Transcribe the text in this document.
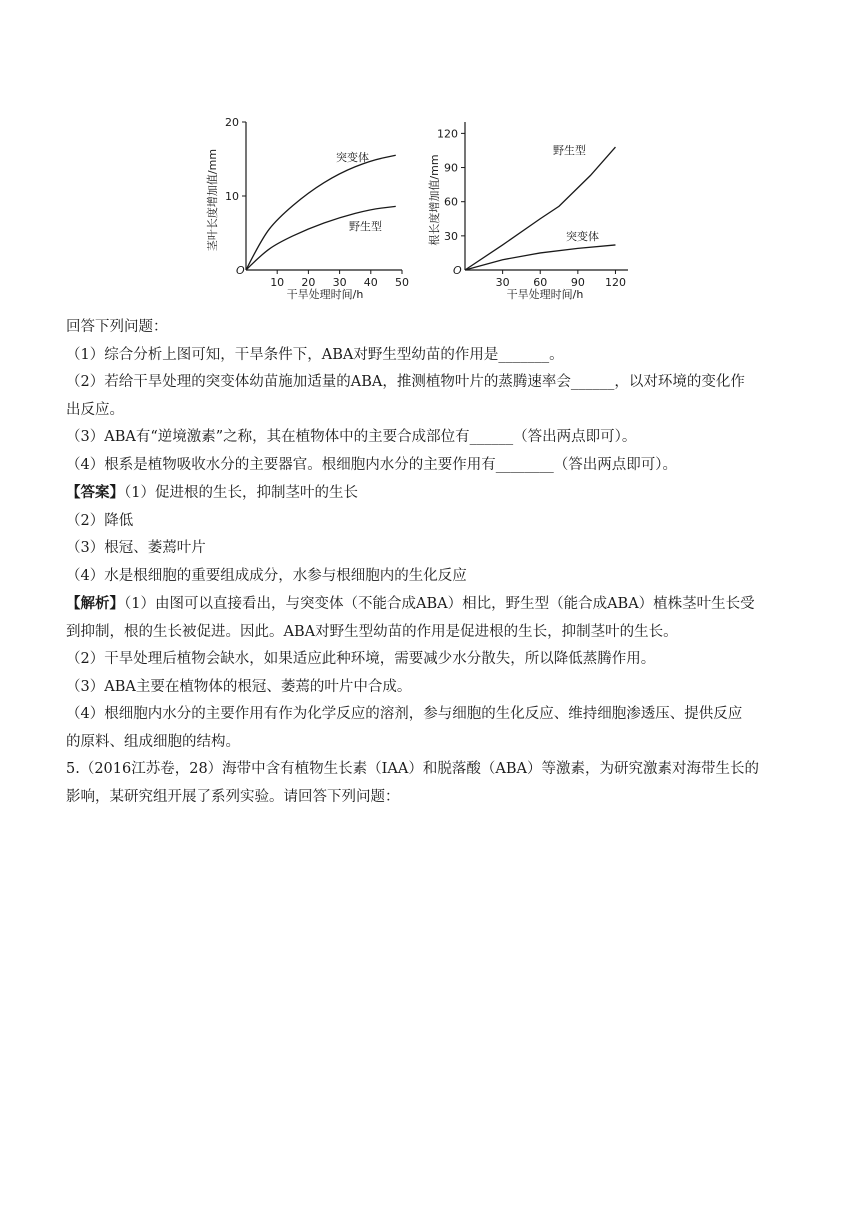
茎叶长度增加值/mm
O
10 20 30 40 50
10
20
突变体
野生型
干旱处理时间/h
根长度增加值/mm
O
30 60 90 120
30
60
90
120
野生型
突变体
干旱处理时间/h
回答下列问题：
（1）综合分析上图可知，干旱条件下，ABA对野生型幼苗的作用是_______。
（2）若给干旱处理的突变体幼苗施加适量的ABA，推测植物叶片的蒸腾速率会______，以对环境的变化作
出反应。
（3）ABA有“逆境激素”之称，其在植物体中的主要合成部位有______（答出两点即可）。
（4）根系是植物吸收水分的主要器官。根细胞内水分的主要作用有________（答出两点即可）。
【答案】（1）促进根的生长，抑制茎叶的生长
（2）降低
（3）根冠、萎蔫叶片
（4）水是根细胞的重要组成成分，水参与根细胞内的生化反应
【解析】（1）由图可以直接看出，与突变体（不能合成ABA）相比，野生型（能合成ABA）植株茎叶生长受
到抑制，根的生长被促进。因此。ABA对野生型幼苗的作用是促进根的生长，抑制茎叶的生长。
（2）干旱处理后植物会缺水，如果适应此种环境，需要减少水分散失，所以降低蒸腾作用。
（3）ABA主要在植物体的根冠、萎蔫的叶片中合成。
（4）根细胞内水分的主要作用有作为化学反应的溶剂，参与细胞的生化反应、维持细胞渗透压、提供反应
的原料、组成细胞的结构。
5.（2016江苏卷，28）海带中含有植物生长素（IAA）和脱落酸（ABA）等激素，为研究激素对海带生长的
影响，某研究组开展了系列实验。请回答下列问题：
